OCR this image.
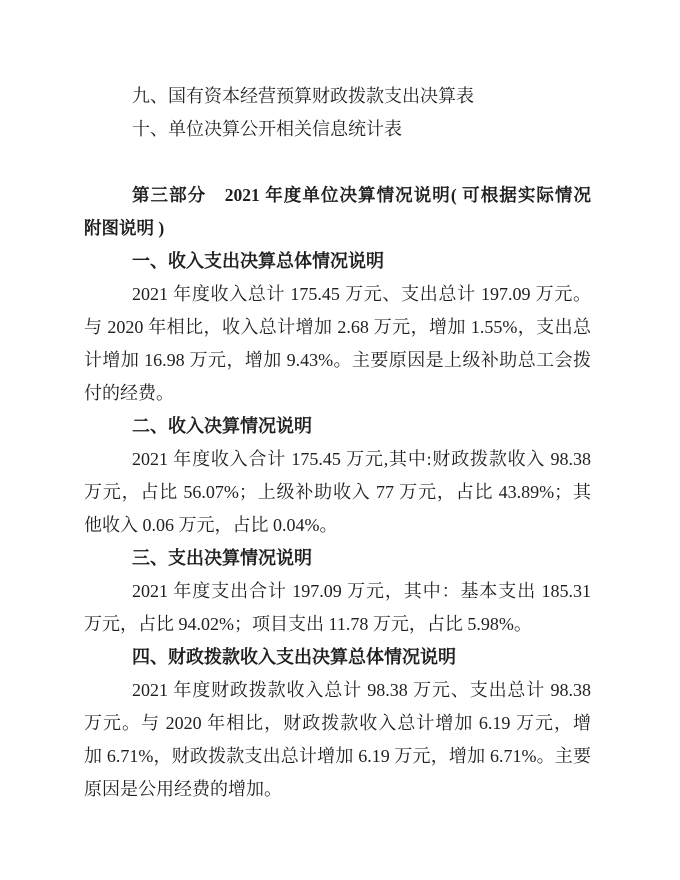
九、国有资本经营预算财政拨款支出决算表
十、单位决算公开相关信息统计表
第三部分　2021 年度单位决算情况说明( 可根据实际情况
附图说明 )
一、收入支出决算总体情况说明
2021 年度收入总计 175.45 万元、支出总计 197.09 万元。
与 2020 年相比，收入总计增加 2.68 万元，增加 1.55%，支出总
计增加 16.98 万元，增加 9.43%。主要原因是上级补助总工会拨
付的经费。
二、收入决算情况说明
2021 年度收入合计 175.45 万元,其中:财政拨款收入 98.38
万元，占比 56.07%；上级补助收入 77 万元，占比 43.89%；其
他收入 0.06 万元，占比 0.04%。
三、支出决算情况说明
2021 年度支出合计 197.09 万元，其中：基本支出 185.31
万元，占比 94.02%；项目支出 11.78 万元，占比 5.98%。
四、财政拨款收入支出决算总体情况说明
2021 年度财政拨款收入总计 98.38 万元、支出总计 98.38
万元。与 2020 年相比，财政拨款收入总计增加 6.19 万元，增
加 6.71%，财政拨款支出总计增加 6.19 万元，增加 6.71%。主要
原因是公用经费的增加。
